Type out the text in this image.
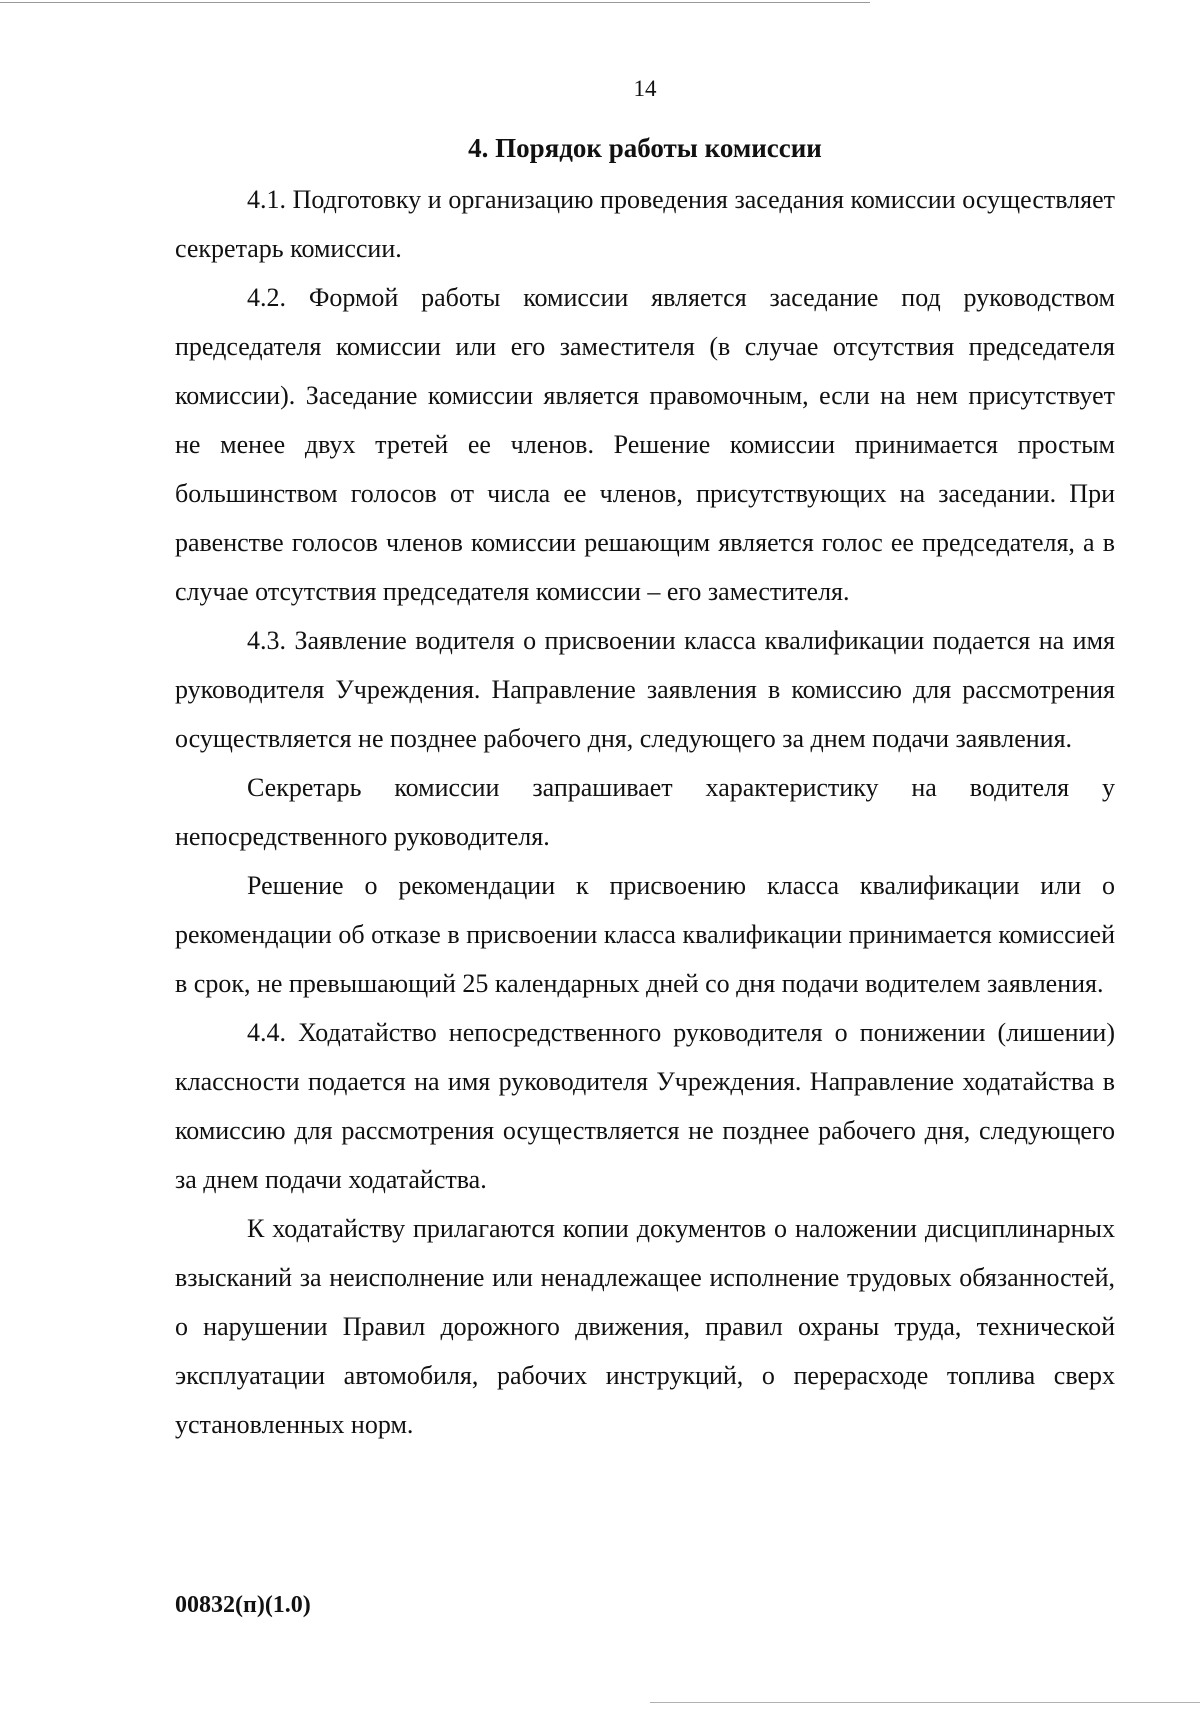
14
4. Порядок работы комиссии

4.1. Подготовку и организацию проведения заседания комиссии осуществляет секретарь комиссии.

4.2. Формой работы комиссии является заседание под руководством председателя комиссии или его заместителя (в случае отсутствия председателя комиссии). Заседание комиссии является правомочным, если на нем присутствует не менее двух третей ее членов. Решение комиссии принимается простым большинством голосов от числа ее членов, присутствующих на заседании. При равенстве голосов членов комиссии решающим является голос ее председателя, а в случае отсутствия председателя комиссии – его заместителя.

4.3. Заявление водителя о присвоении класса квалификации подается на имя руководителя Учреждения. Направление заявления в комиссию для рассмотрения осуществляется не позднее рабочего дня, следующего за днем подачи заявления.

Секретарь комиссии запрашивает характеристику на водителя у непосредственного руководителя.

Решение о рекомендации к присвоению класса квалификации или о рекомендации об отказе в присвоении класса квалификации принимается комиссией в срок, не превышающий 25 календарных дней со дня подачи водителем заявления.

4.4. Ходатайство непосредственного руководителя о понижении (лишении) классности подается на имя руководителя Учреждения. Направление ходатайства в комиссию для рассмотрения осуществляется не позднее рабочего дня, следующего за днем подачи ходатайства.

К ходатайству прилагаются копии документов о наложении дисциплинарных взысканий за неисполнение или ненадлежащее исполнение трудовых обязанностей, о нарушении Правил дорожного движения, правил охраны труда, технической эксплуатации автомобиля, рабочих инструкций, о перерасходе топлива сверх установленных норм.

00832(п)(1.0)
